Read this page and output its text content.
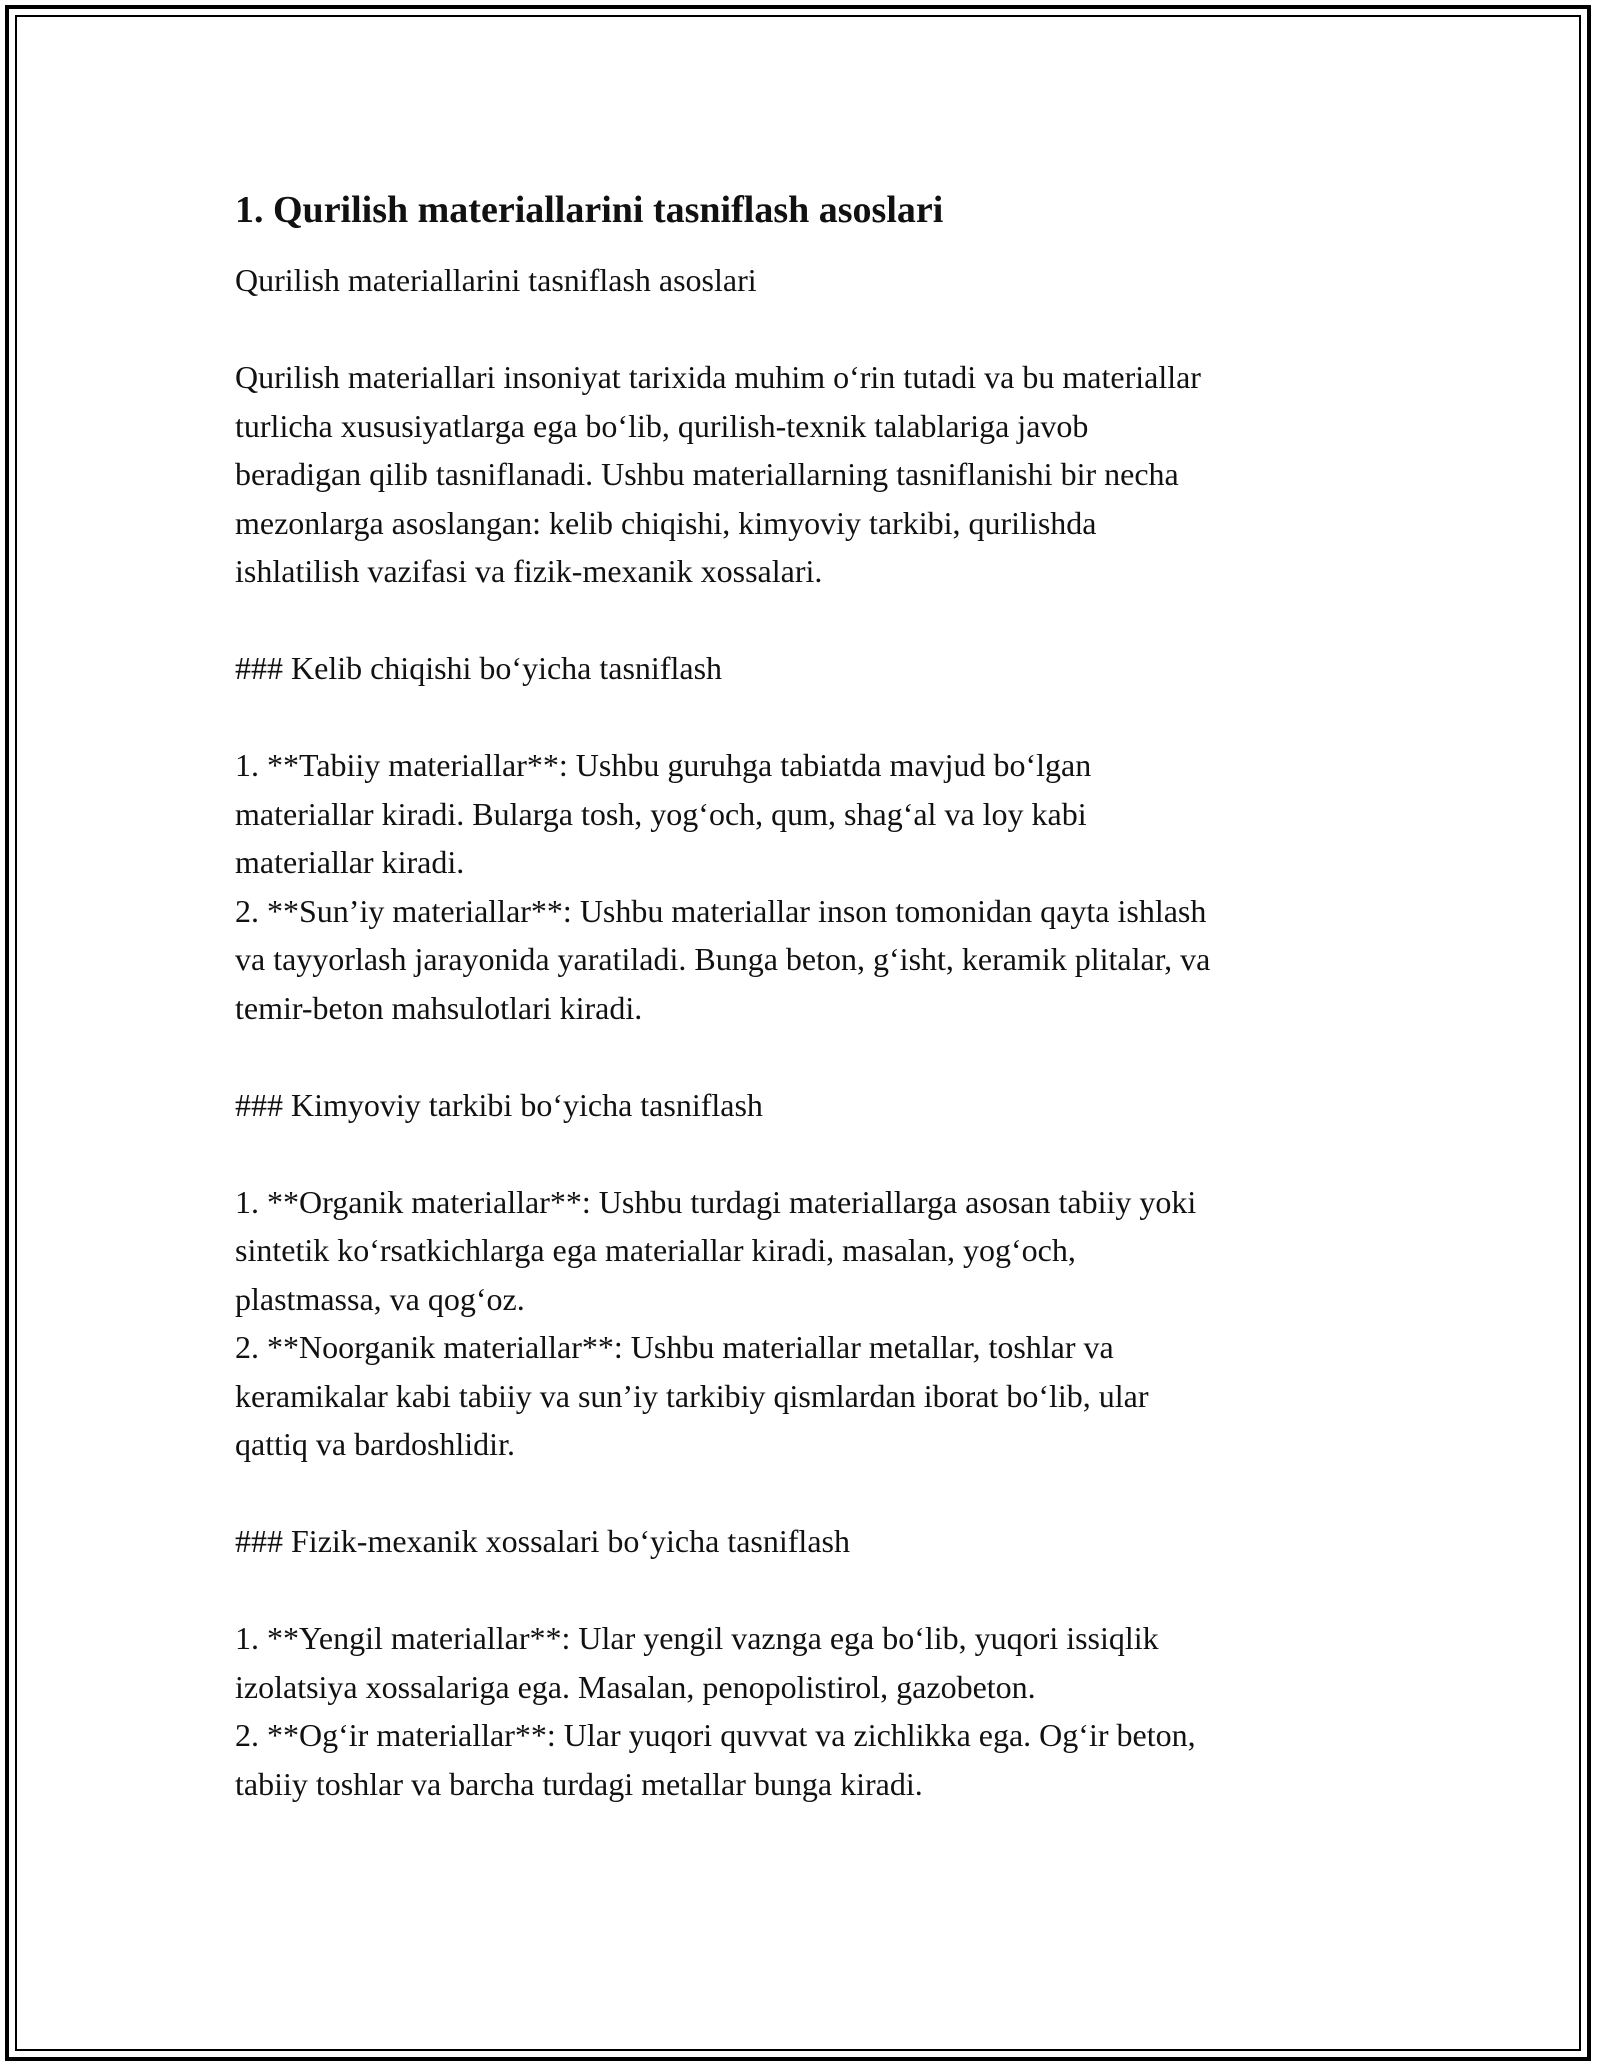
1. Qurilish materiallarini tasniflash asoslari

Qurilish materiallarini tasniflash asoslari

Qurilish materiallari insoniyat tarixida muhim o‘rin tutadi va bu materiallar
turlicha xususiyatlarga ega bo‘lib, qurilish-texnik talablariga javob
beradigan qilib tasniflanadi. Ushbu materiallarning tasniflanishi bir necha
mezonlarga asoslangan: kelib chiqishi, kimyoviy tarkibi, qurilishda
ishlatilish vazifasi va fizik-mexanik xossalari.

### Kelib chiqishi bo‘yicha tasniflash

1. **Tabiiy materiallar**: Ushbu guruhga tabiatda mavjud bo‘lgan
materiallar kiradi. Bularga tosh, yog‘och, qum, shag‘al va loy kabi
materiallar kiradi.

2. **Sun’iy materiallar**: Ushbu materiallar inson tomonidan qayta ishlash
va tayyorlash jarayonida yaratiladi. Bunga beton, g‘isht, keramik plitalar, va
temir-beton mahsulotlari kiradi.

### Kimyoviy tarkibi bo‘yicha tasniflash

1. **Organik materiallar**: Ushbu turdagi materiallarga asosan tabiiy yoki
sintetik ko‘rsatkichlarga ega materiallar kiradi, masalan, yog‘och,
plastmassa, va qog‘oz.

2. **Noorganik materiallar**: Ushbu materiallar metallar, toshlar va
keramikalar kabi tabiiy va sun’iy tarkibiy qismlardan iborat bo‘lib, ular
qattiq va bardoshlidir.

### Fizik-mexanik xossalari bo‘yicha tasniflash

1. **Yengil materiallar**: Ular yengil vaznga ega bo‘lib, yuqori issiqlik
izolatsiya xossalariga ega. Masalan, penopolistirol, gazobeton.

2. **Og‘ir materiallar**: Ular yuqori quvvat va zichlikka ega. Og‘ir beton,
tabiiy toshlar va barcha turdagi metallar bunga kiradi.
